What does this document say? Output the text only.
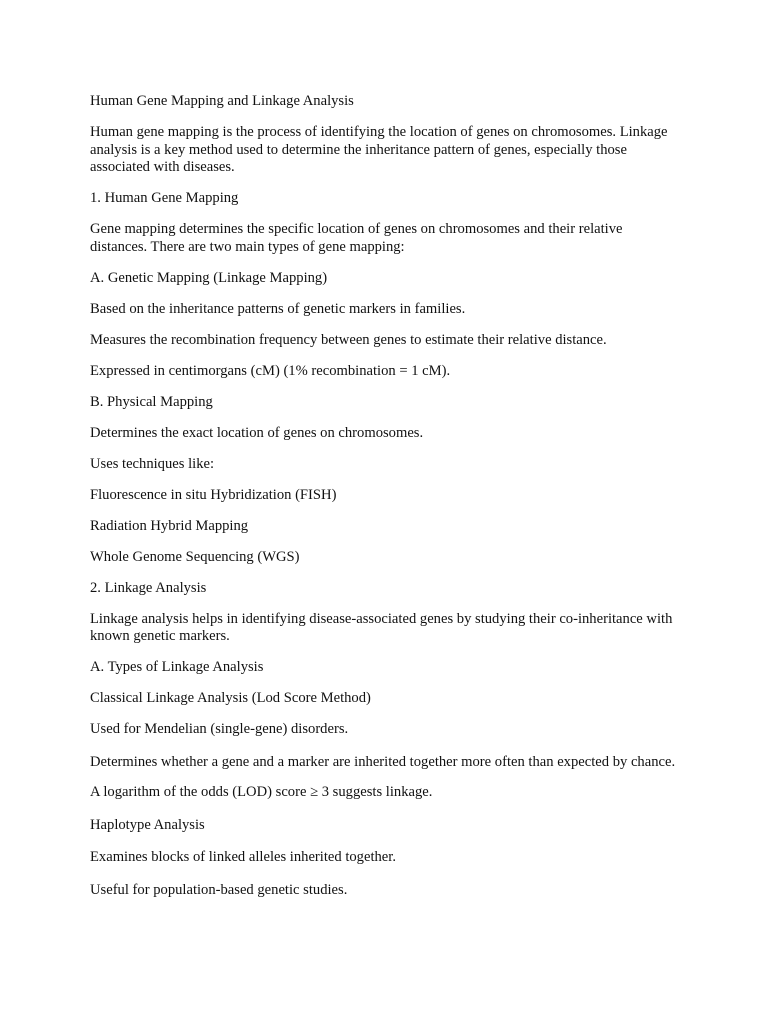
Human Gene Mapping and Linkage Analysis

Human gene mapping is the process of identifying the location of genes on chromosomes. Linkage analysis is a key method used to determine the inheritance pattern of genes, especially those associated with diseases.

1. Human Gene Mapping

Gene mapping determines the specific location of genes on chromosomes and their relative distances. There are two main types of gene mapping:

A. Genetic Mapping (Linkage Mapping)

Based on the inheritance patterns of genetic markers in families.

Measures the recombination frequency between genes to estimate their relative distance.

Expressed in centimorgans (cM) (1% recombination = 1 cM).

B. Physical Mapping

Determines the exact location of genes on chromosomes.

Uses techniques like:

Fluorescence in situ Hybridization (FISH)

Radiation Hybrid Mapping

Whole Genome Sequencing (WGS)

2. Linkage Analysis

Linkage analysis helps in identifying disease-associated genes by studying their co-inheritance with known genetic markers.

A. Types of Linkage Analysis

Classical Linkage Analysis (Lod Score Method)

Used for Mendelian (single-gene) disorders.

Determines whether a gene and a marker are inherited together more often than expected by chance.

A logarithm of the odds (LOD) score ≥ 3 suggests linkage.

Haplotype Analysis

Examines blocks of linked alleles inherited together.

Useful for population-based genetic studies.
